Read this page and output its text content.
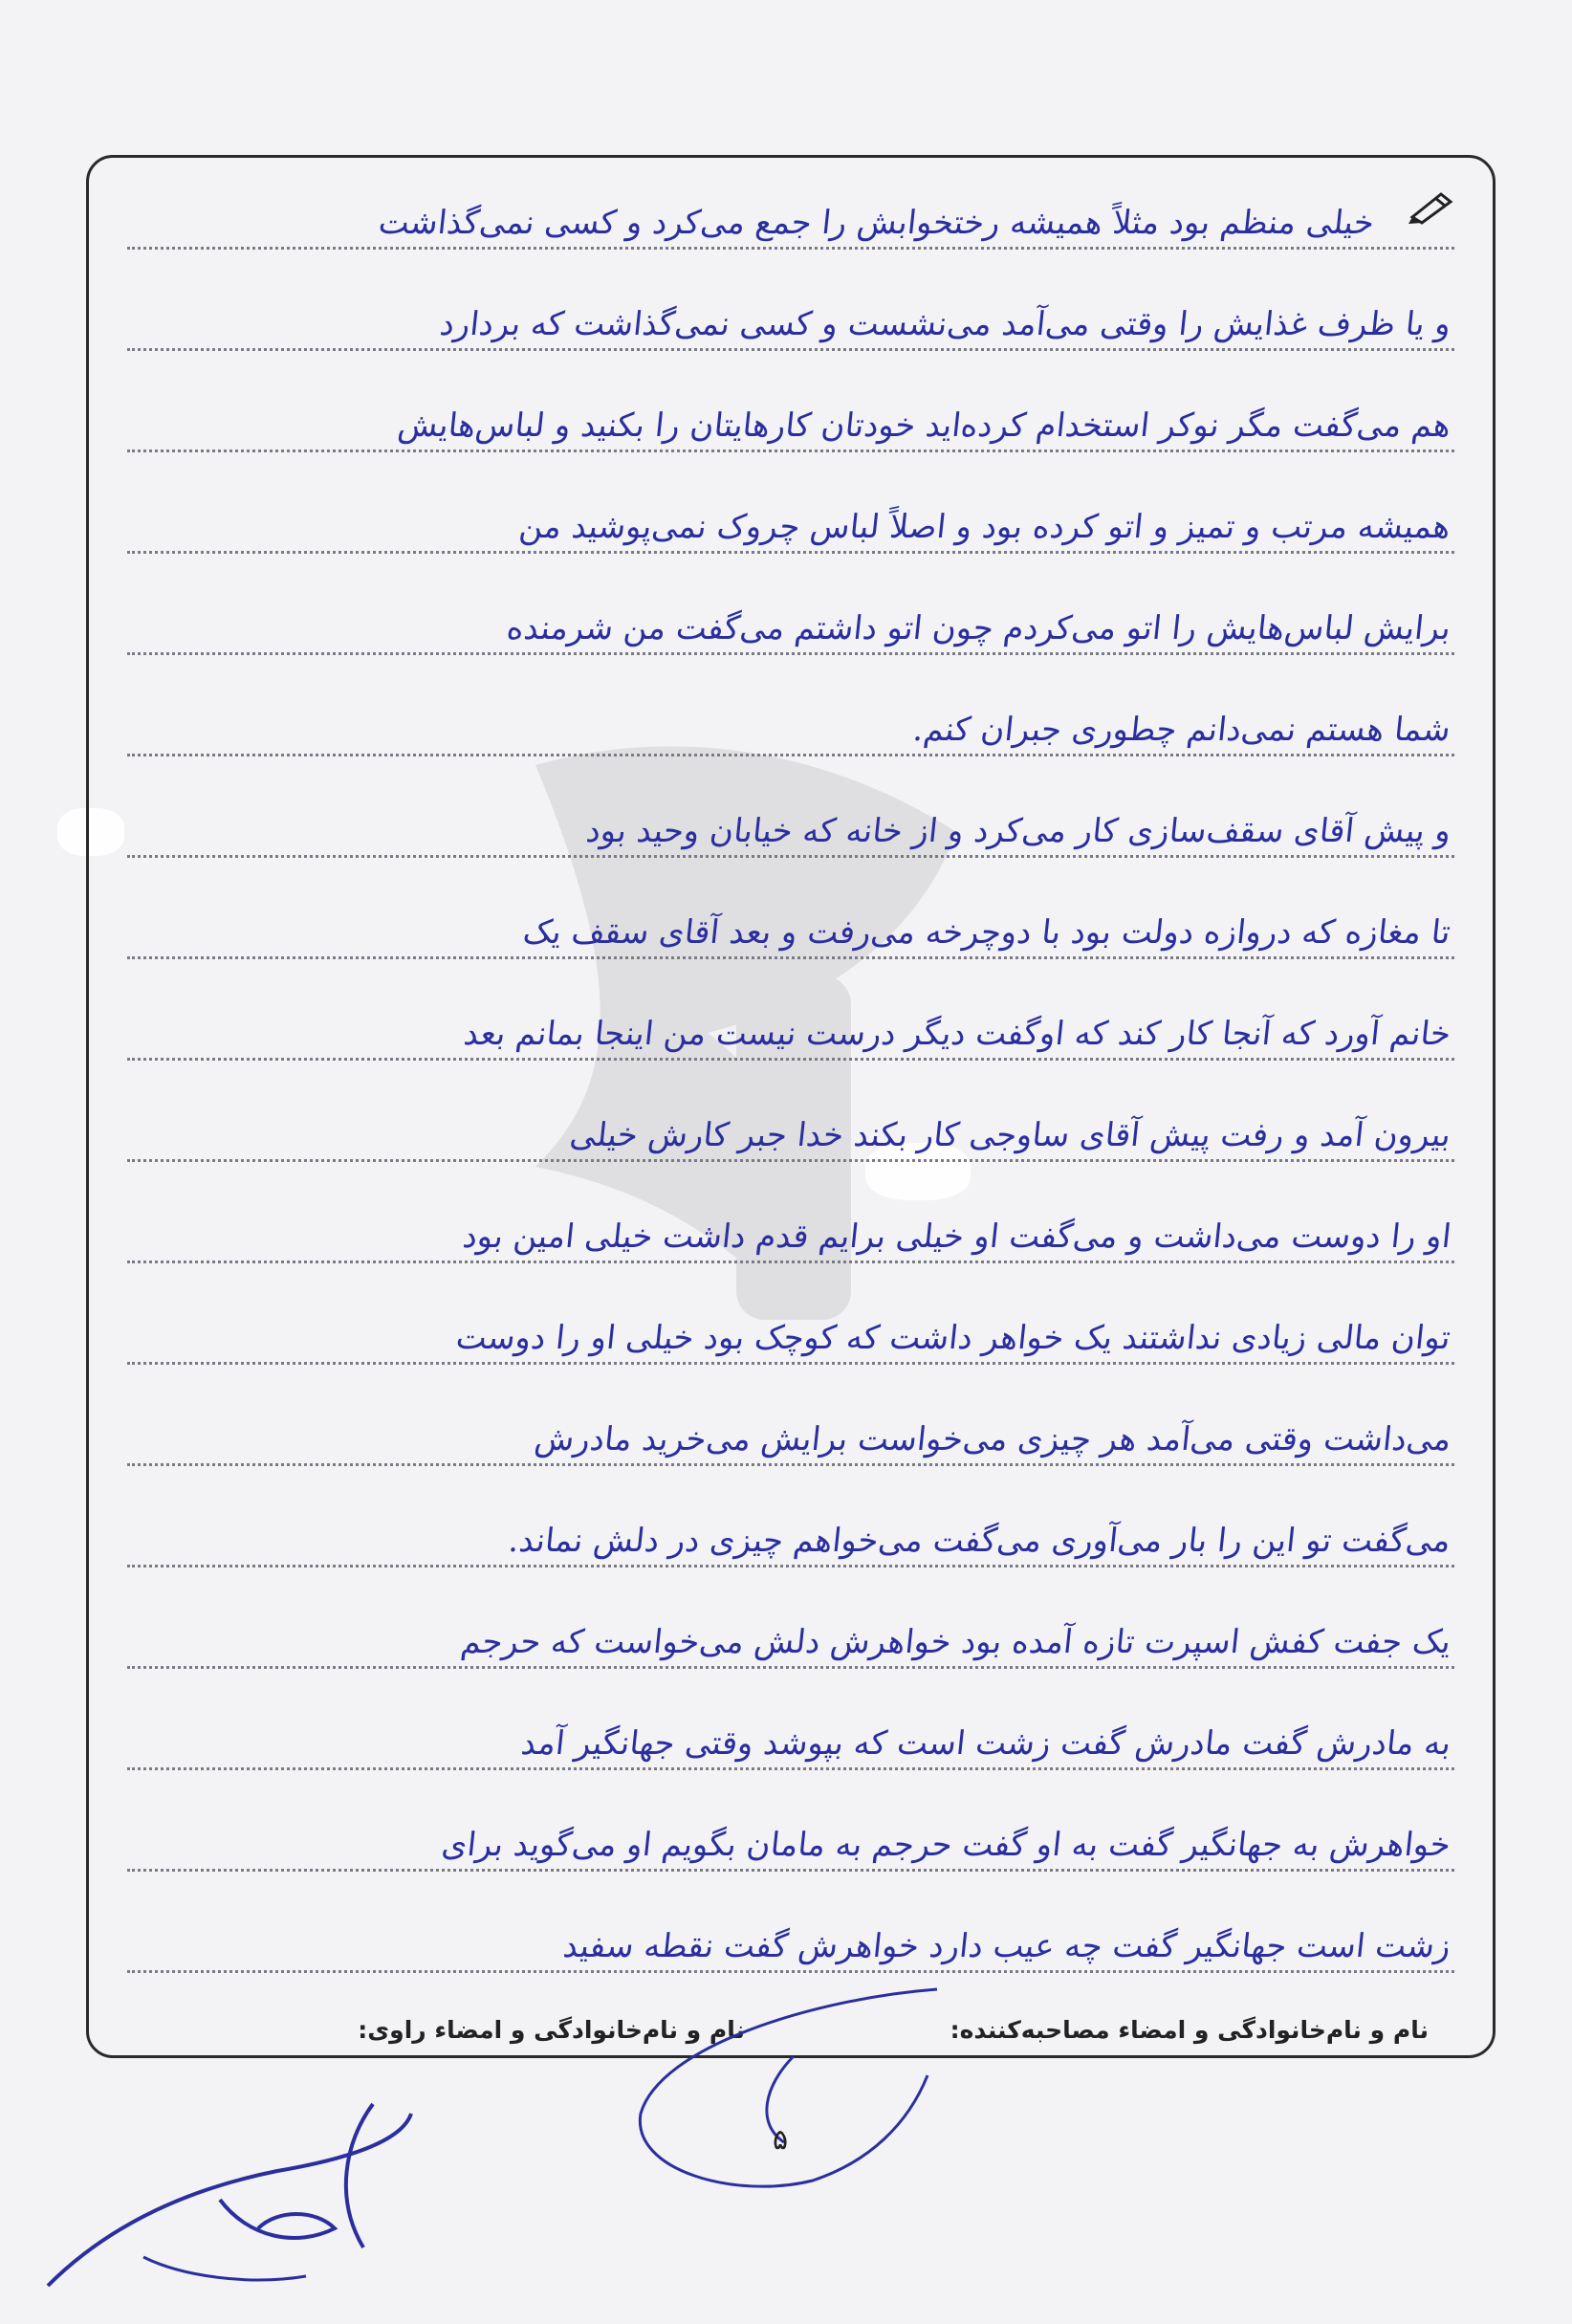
خیلی منظم بود مثلاً همیشه رختخوابش را جمع می‌کرد و کسی نمی‌گذاشت
و یا ظرف غذایش را وقتی می‌آمد می‌نشست و کسی نمی‌گذاشت که بردارد
هم می‌گفت مگر نوکر استخدام کرده‌اید خودتان کارهایتان را بکنید و لباس‌هایش
همیشه مرتب و تمیز و اتو کرده بود و اصلاً لباس چروک نمی‌پوشید من
برایش لباس‌هایش را اتو می‌کردم چون اتو داشتم می‌گفت من شرمنده
شما هستم نمی‌دانم چطوری جبران کنم.
و پیش آقای سقف‌سازی کار می‌کرد و از خانه که خیابان وحید بود
تا مغازه که دروازه دولت بود با دوچرخه می‌رفت و بعد آقای سقف یک
خانم آورد که آنجا کار کند که اوگفت دیگر درست نیست من اینجا بمانم بعد
بیرون آمد و رفت پیش آقای ساوجی کار بکند خدا جبر کارش خیلی
او را دوست می‌داشت و می‌گفت او خیلی برایم قدم داشت خیلی امین بود
توان مالی زیادی نداشتند یک خواهر داشت که کوچک بود خیلی او را دوست
می‌داشت وقتی می‌آمد هر چیزی می‌خواست برایش می‌خرید مادرش
می‌گفت تو این را بار می‌آوری می‌گفت می‌خواهم چیزی در دلش نماند.
یک جفت کفش اسپرت تازه آمده بود خواهرش دلش می‌خواست که حرجم
به مادرش گفت مادرش گفت زشت است که بپوشد وقتی جهانگیر آمد
خواهرش به جهانگیر گفت به او گفت حرجم به مامان بگویم او می‌گوید برای
زشت است جهانگیر گفت چه عیب دارد خواهرش گفت نقطه سفید
نام و نام‌خانوادگی و امضاء مصاحبه‌کننده:
نام و نام‌خانوادگی و امضاء راوی:
۵
